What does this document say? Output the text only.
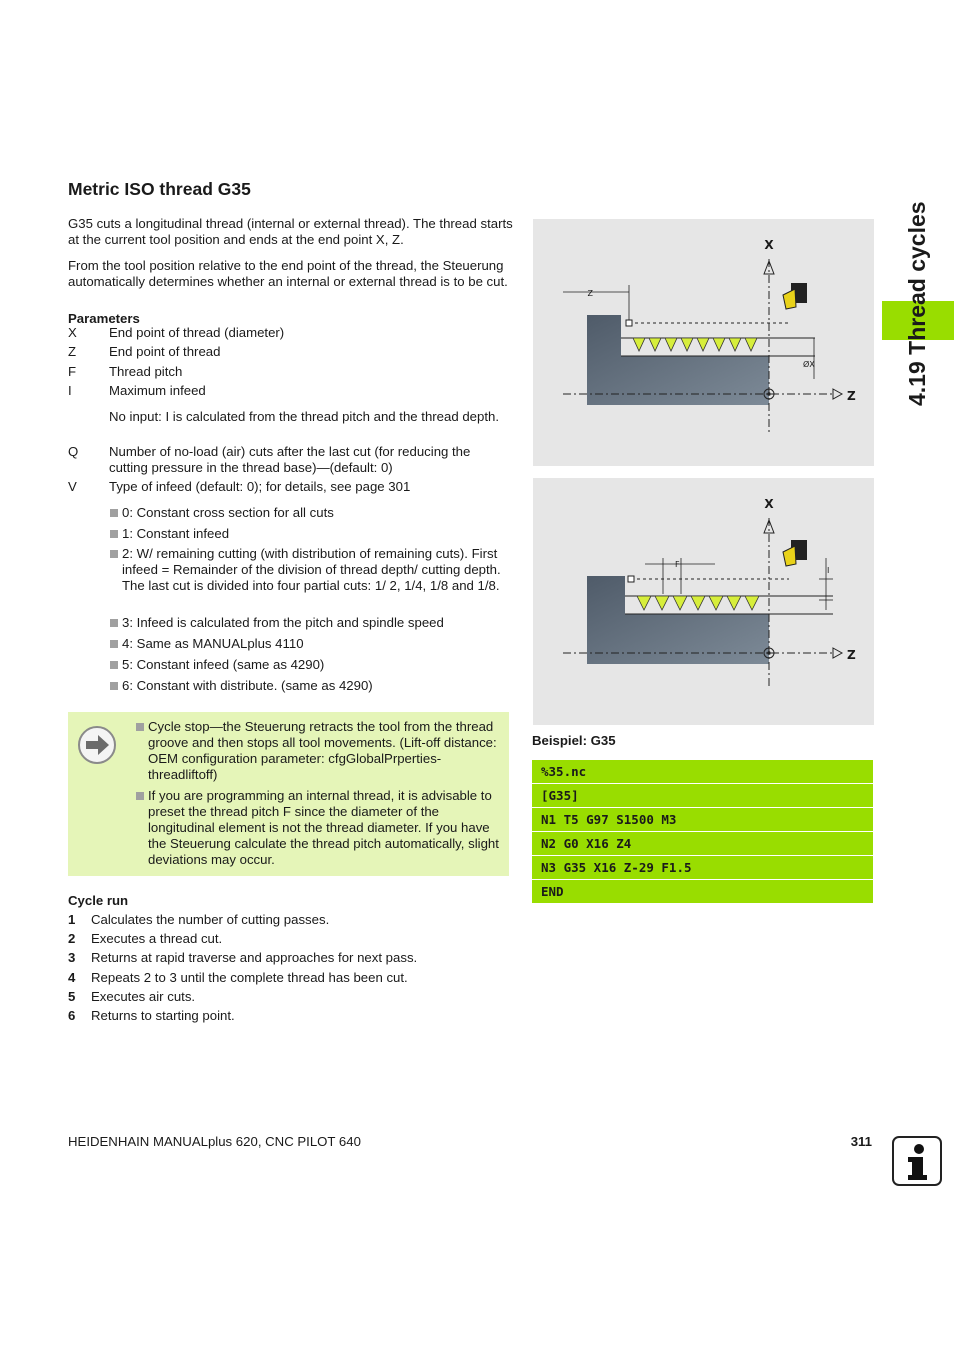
Metric ISO thread G35
G35 cuts a longitudinal thread (internal or external thread). The thread starts at the current tool position and ends at the end point X, Z.
From the tool position relative to the end point of the thread, the Steuerung automatically determines whether an internal or external thread is to be cut.
Parameters
X End point of thread (diameter)
Z End point of thread
F Thread pitch
I	Maximum infeed
No input: I is calculated from the thread pitch and the thread depth.
Q Number of no-load (air) cuts after the last cut (for reducing the cutting pressure in the thread base)—(default: 0)
V Type of infeed (default: 0); for details, see page 301
0: Constant cross section for all cuts
1: Constant infeed
2: W/ remaining cutting (with distribution of remaining cuts). First infeed = Remainder of the division of thread depth/ cutting depth. The last cut is divided into four partial cuts: 1/ 2, 1/4, 1/8 and 1/8.
3: Infeed is calculated from the pitch and spindle speed
4: Same as MANUALplus 4110
5: Constant infeed (same as 4290)
6: Constant with distribute. (same as 4290)
Cycle stop—the Steuerung retracts the tool from the thread groove and then stops all tool movements. (Lift-off distance: OEM configuration parameter: cfgGlobalPrperties-threadliftoff)
If you are programming an internal thread, it is advisable to preset the thread pitch F since the diameter of the longitudinal element is not the thread diameter. If you have the Steuerung calculate the thread pitch automatically, slight deviations may occur.
Cycle run
1 Calculates the number of cutting passes.
2 Executes a thread cut.
3 Returns at rapid traverse and approaches for next pass.
4 Repeats 2 to 3 until the complete thread has been cut.
5 Executes air cuts.
6 Returns to starting point.
X
Z
Z
ØX
X
Z
F
I
Beispiel: G35
%35.nc
[G35]
N1 T5 G97 S1500 M3
N2 G0 X16 Z4
N3 G35 X16 Z-29 F1.5
END
4.19 Thread cycles
HEIDENHAIN MANUALplus 620, CNC PILOT 640	311
